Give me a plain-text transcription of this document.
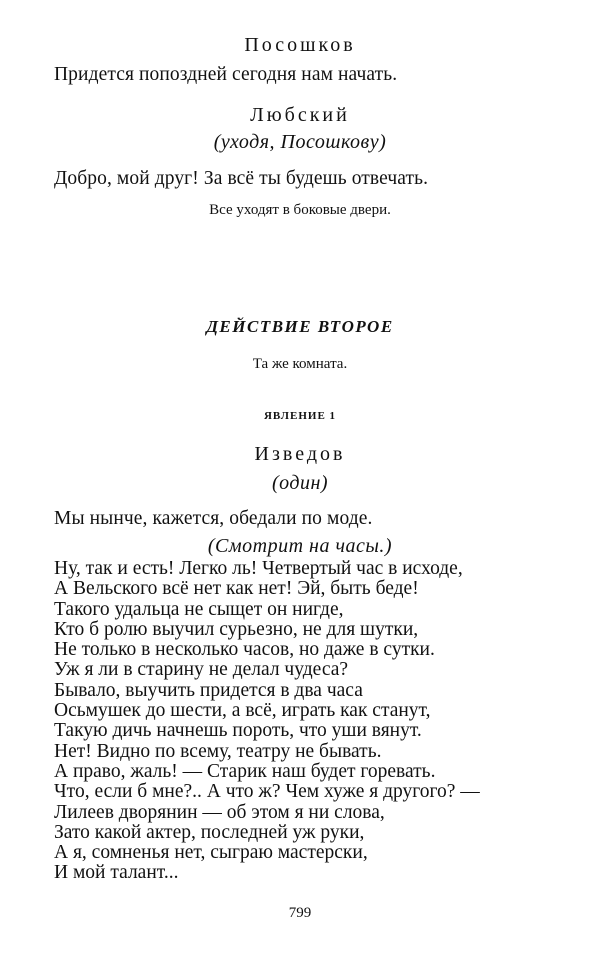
Посошков
Придется попоздней сегодня нам начать.
Любский
(уходя, Посошкову)
Добро, мой друг! За всё ты будешь отвечать.
Все уходят в боковые двери.
ДЕЙСТВИЕ ВТОРОЕ
Та же комната.
ЯВЛЕНИЕ 1
Изведов
(один)
Мы нынче, кажется, обедали по моде.
(Смотрит на часы.)
Ну, так и есть! Легко ль! Четвертый час в исходе,
А Вельского всё нет как нет! Эй, быть беде!
Такого удальца не сыщет он нигде,
Кто б ролю выучил сурьезно, не для шутки,
Не только в несколько часов, но даже в сутки.
Уж я ли в старину не делал чудеса?
Бывало, выучить придется в два часа
Осьмушек до шести, а всё, играть как станут,
Такую дичь начнешь пороть, что уши вянут.
Нет! Видно по всему, театру не бывать.
А право, жаль! — Старик наш будет горевать.
Что, если б мне?.. А что ж? Чем хуже я другого? —
Лилеев дворянин — об этом я ни слова,
Зато какой актер, последней уж руки,
А я, сомненья нет, сыграю мастерски,
И мой талант...
799
